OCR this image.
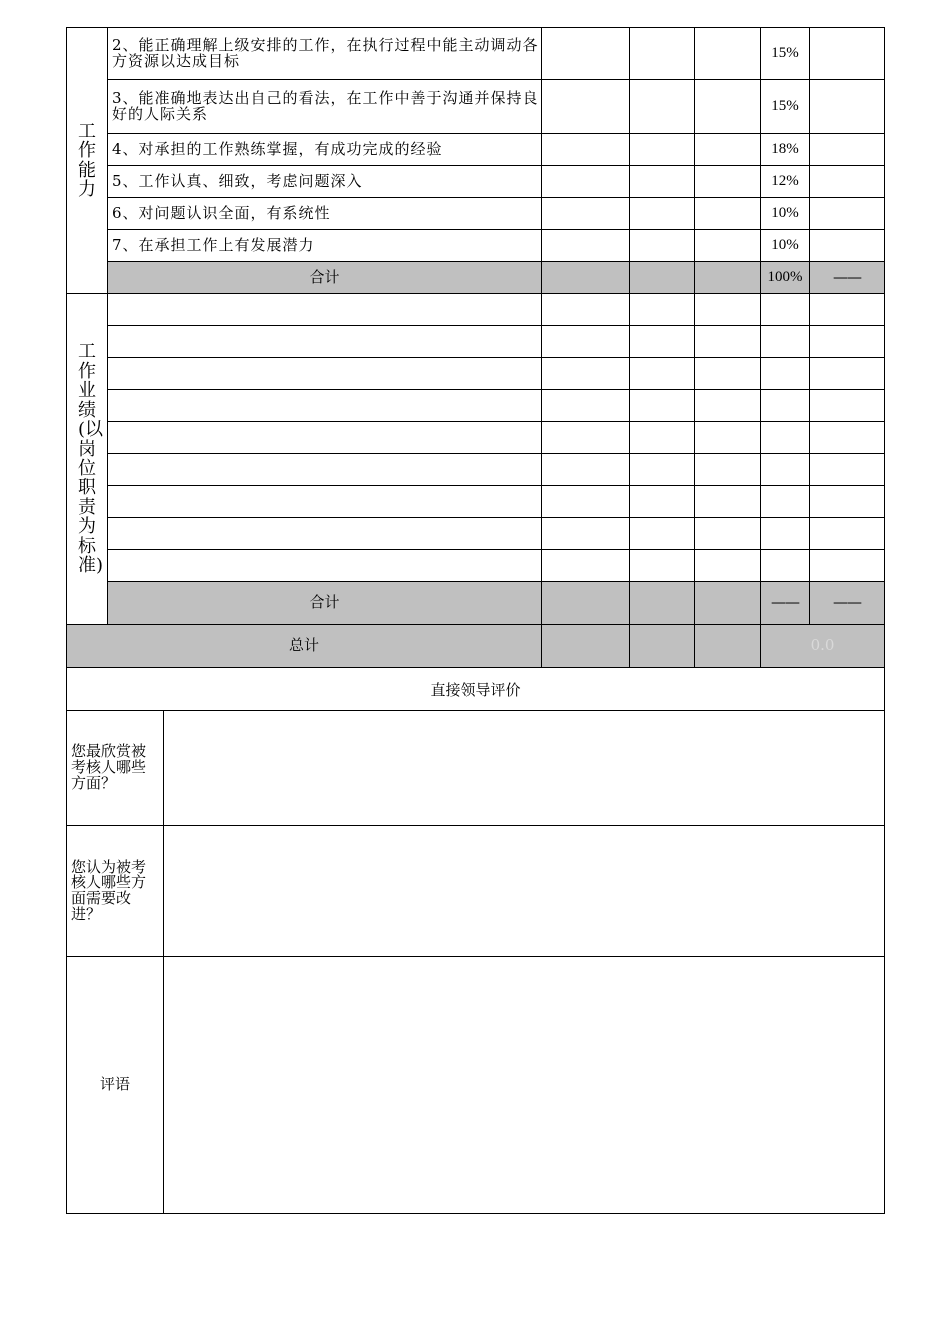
工作能力	2、能正确理解上级安排的工作，在执行过程中能主动调动各方资源以达成目标				15%	
	3、能准确地表达出自己的看法，在工作中善于沟通并保持良好的人际关系				15%	
	4、对承担的工作熟练掌握，有成功完成的经验				18%	
	5、工作认真、细致，考虑问题深入				12%	
	6、对问题认识全面，有系统性				10%	
	7、在承担工作上有发展潜力				10%	
	合计				100%	——
工作业绩(以岗位职责为标准)						

	合计				——	——
总计					0.0	
直接领导评价	
您最欣赏被考核人哪些方面？	
您认为被考核人哪些方面需要改进？	
评语	
